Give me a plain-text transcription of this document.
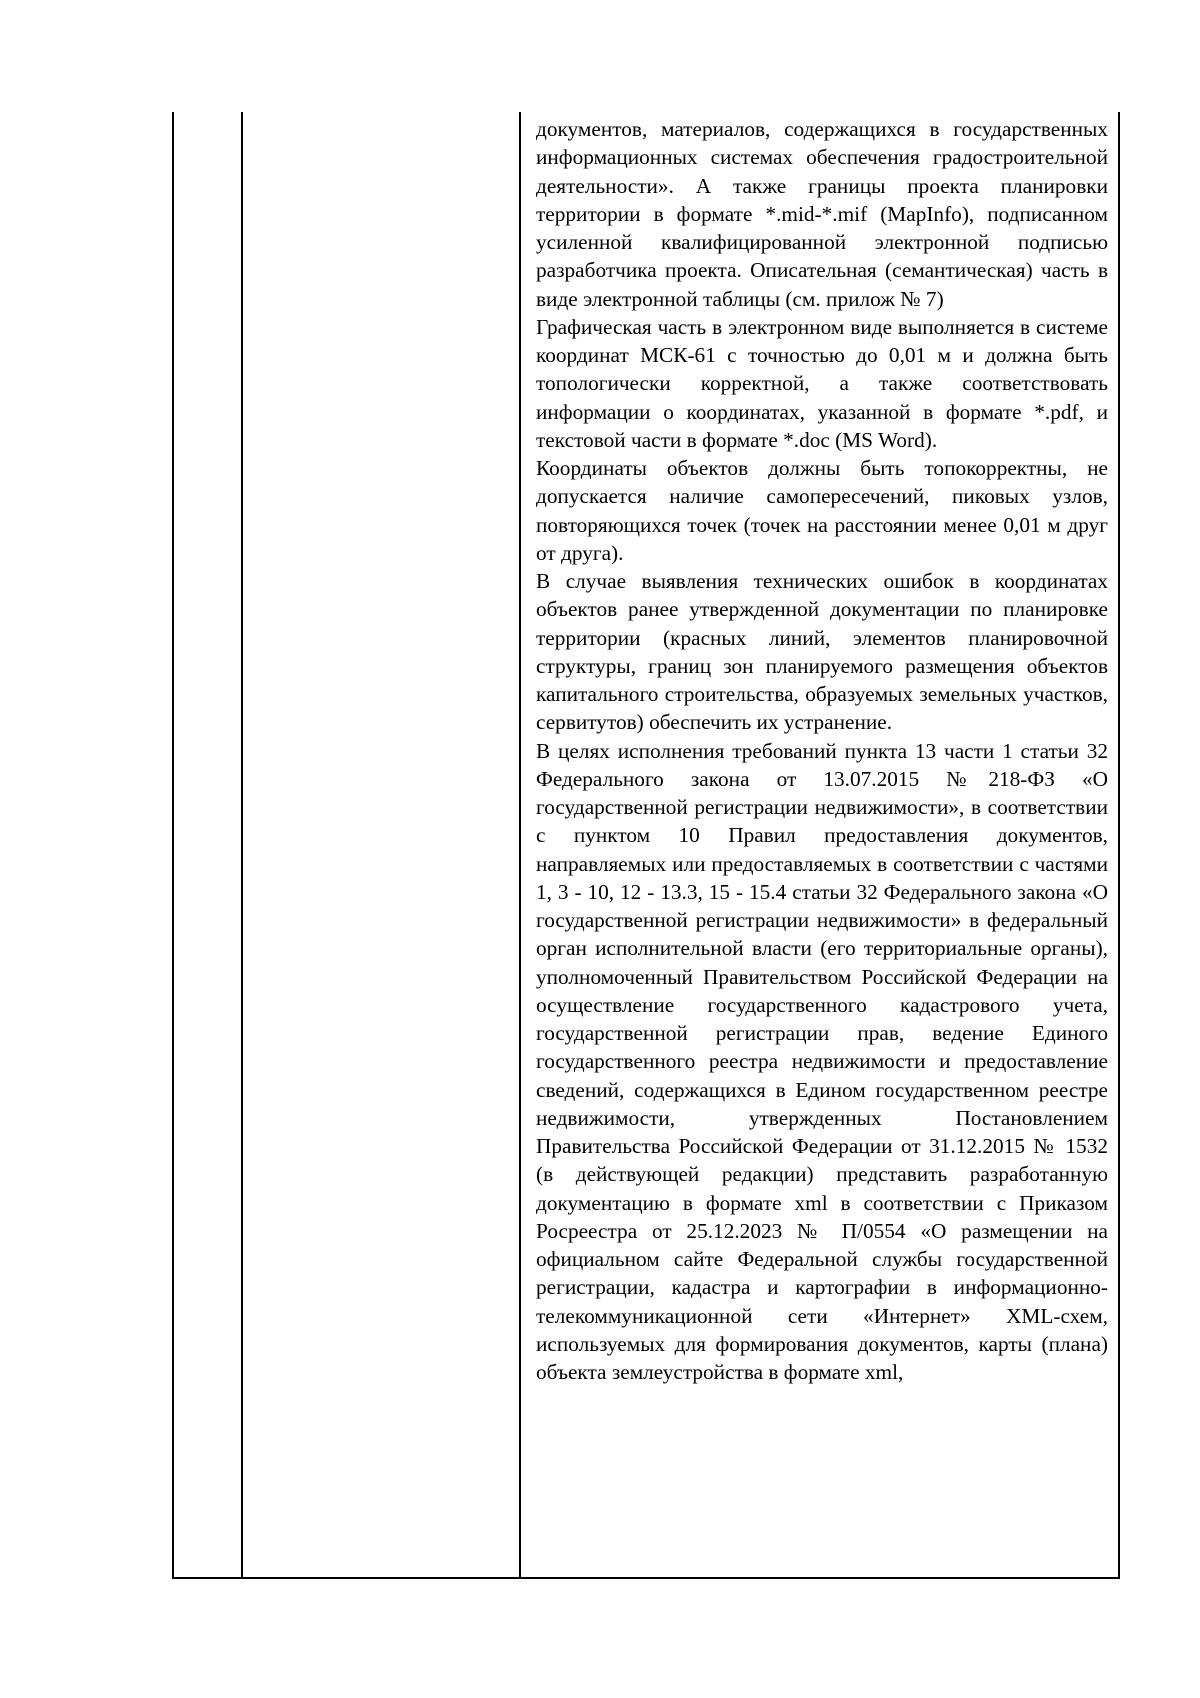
документов, материалов, содержащихся в государственных информационных системах обеспечения градостроительной деятельности». А также границы проекта планировки территории в формате *.mid-*.mif (MapInfo), подписанном усиленной квалифицированной электронной подписью разработчика проекта. Описательная (семантическая) часть в виде электронной таблицы (см. прилож № 7)

Графическая часть в электронном виде выполняется в системе координат МСК-61 с точностью до 0,01 м и должна быть топологически корректной, а также соответствовать информации о координатах, указанной в формате *.pdf, и текстовой части в формате *.doc (MS Word).

Координаты объектов должны быть топокорректны, не допускается наличие самопересечений, пиковых узлов, повторяющихся точек (точек на расстоянии менее 0,01 м друг от друга).

В случае выявления технических ошибок в координатах объектов ранее утвержденной документации по планировке территории (красных линий, элементов планировочной структуры, границ зон планируемого размещения объектов капитального строительства, образуемых земельных участков, сервитутов) обеспечить их устранение.

В целях исполнения требований пункта 13 части 1 статьи 32 Федерального закона от 13.07.2015 №218-ФЗ «О государственной регистрации недвижимости», в соответствии с пунктом 10 Правил предоставления документов, направляемых или предоставляемых в соответствии с частями 1, 3 - 10, 12 - 13.3, 15 - 15.4 статьи 32 Федерального закона «О государственной регистрации недвижимости» в федеральный орган исполнительной власти (его территориальные органы), уполномоченный Правительством Российской Федерации на осуществление государственного кадастрового учета, государственной регистрации прав, ведение Единого государственного реестра недвижимости и предоставление сведений, содержащихся в Едином государственном реестре недвижимости, утвержденных Постановлением Правительства Российской Федерации от 31.12.2015 № 1532 (в действующей редакции) представить разработанную документацию в формате xml в соответствии с Приказом Росреестра от 25.12.2023 № П/0554 «О размещении на официальном сайте Федеральной службы государственной регистрации, кадастра и картографии в информационно-телекоммуникационной сети «Интернет» XML-схем, используемых для формирования документов, карты (плана) объекта землеустройства в формате xml,
